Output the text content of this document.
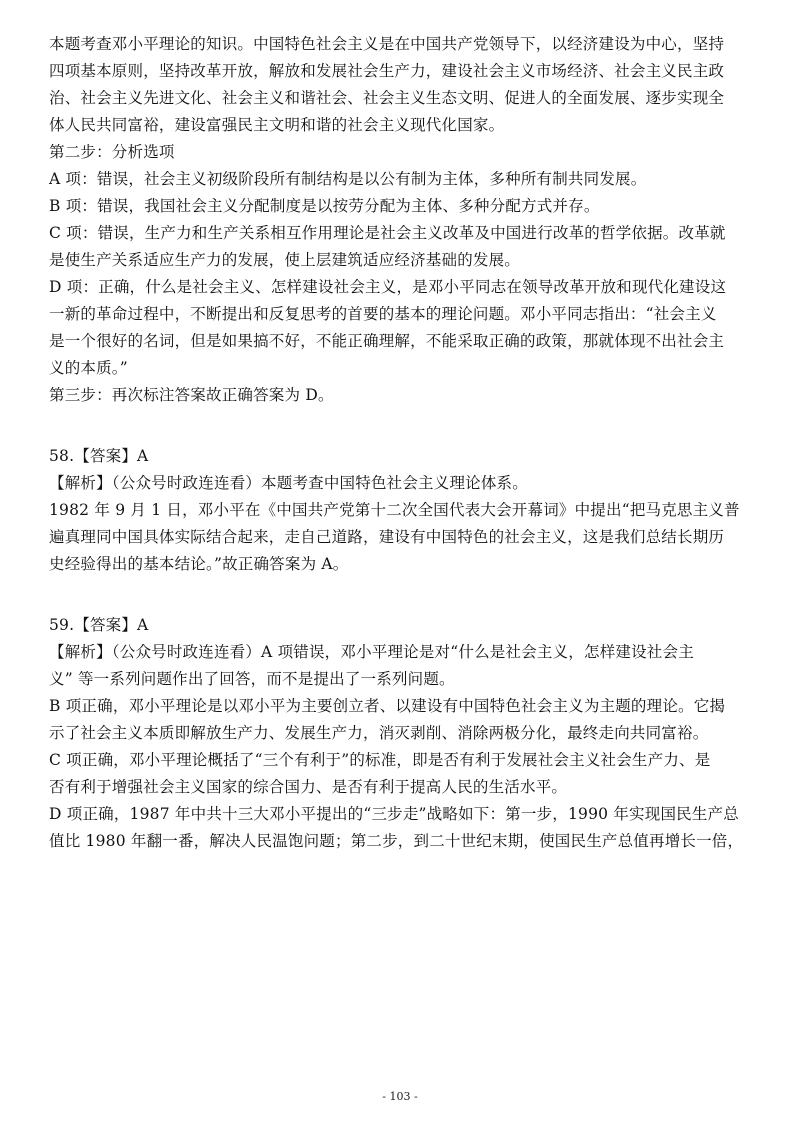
本题考查邓小平理论的知识。中国特色社会主义是在中国共产党领导下，以经济建设为中心，坚持
四项基本原则，坚持改革开放，解放和发展社会生产力，建设社会主义市场经济、社会主义民主政
治、社会主义先进文化、社会主义和谐社会、社会主义生态文明、促进人的全面发展、逐步实现全
体人民共同富裕，建设富强民主文明和谐的社会主义现代化国家。
第二步：分析选项
A 项：错误，社会主义初级阶段所有制结构是以公有制为主体，多种所有制共同发展。
B 项：错误，我国社会主义分配制度是以按劳分配为主体、多种分配方式并存。
C 项：错误，生产力和生产关系相互作用理论是社会主义改革及中国进行改革的哲学依据。改革就
是使生产关系适应生产力的发展，使上层建筑适应经济基础的发展。
D 项：正确，什么是社会主义、怎样建设社会主义，是邓小平同志在领导改革开放和现代化建设这
一新的革命过程中，不断提出和反复思考的首要的基本的理论问题。邓小平同志指出：“社会主义
是一个很好的名词，但是如果搞不好，不能正确理解，不能采取正确的政策，那就体现不出社会主
义的本质。”
第三步：再次标注答案故正确答案为 D。
58.【答案】A
【解析】（公众号时政连连看）本题考查中国特色社会主义理论体系。
1982 年 9 月 1 日，邓小平在《中国共产党第十二次全国代表大会开幕词》中提出“把马克思主义普
遍真理同中国具体实际结合起来，走自己道路，建设有中国特色的社会主义，这是我们总结长期历
史经验得出的基本结论。”故正确答案为 A。
59.【答案】A
【解析】（公众号时政连连看）A 项错误，邓小平理论是对“什么是社会主义，怎样建设社会主
义” 等一系列问题作出了回答，而不是提出了一系列问题。
B 项正确，邓小平理论是以邓小平为主要创立者、以建设有中国特色社会主义为主题的理论。它揭
示了社会主义本质即解放生产力、发展生产力，消灭剥削、消除两极分化，最终走向共同富裕。
C 项正确，邓小平理论概括了“三个有利于”的标准，即是否有利于发展社会主义社会生产力、是
否有利于增强社会主义国家的综合国力、是否有利于提高人民的生活水平。
D 项正确，1987 年中共十三大邓小平提出的“三步走”战略如下：第一步，1990 年实现国民生产总
值比 1980 年翻一番，解决人民温饱问题；第二步，到二十世纪末期，使国民生产总值再增长一倍，
- 103 -
